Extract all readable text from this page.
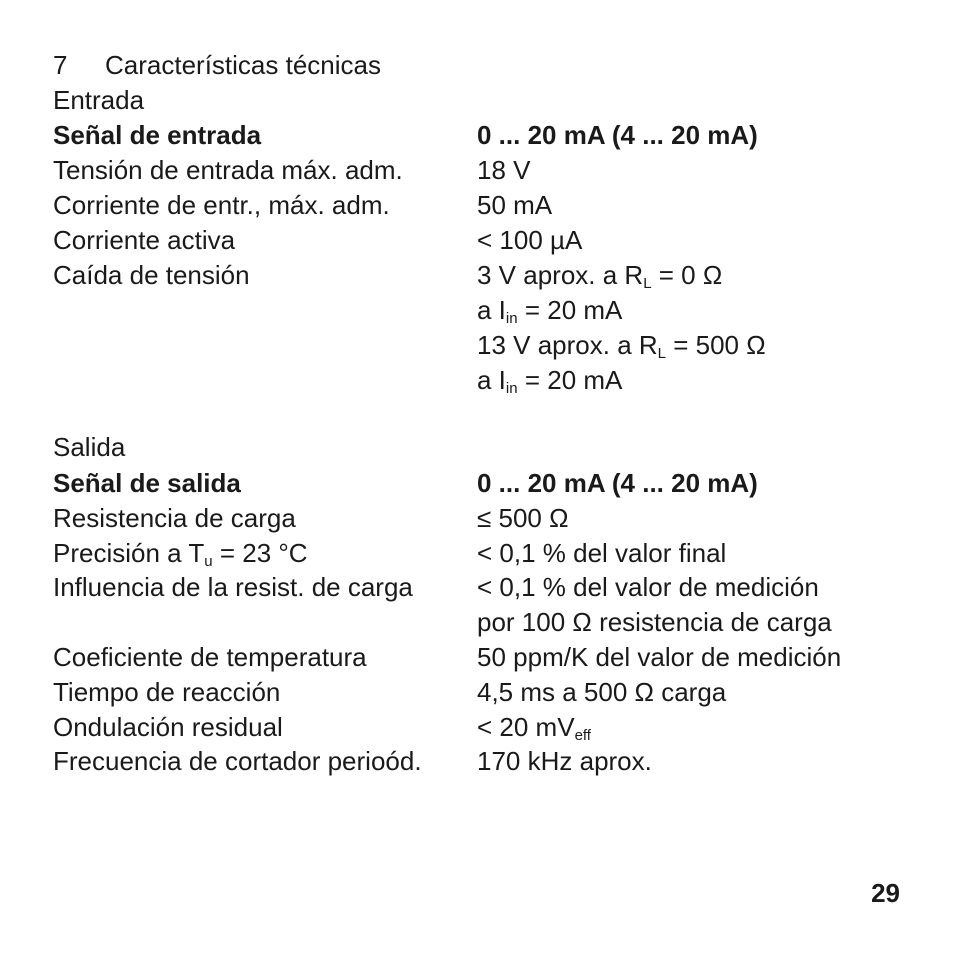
7 Características técnicas
Entrada
Señal de entrada	0 ... 20 mA (4 ... 20 mA)
Tensión de entrada máx. adm.	18 V
Corriente de entr., máx. adm.	50 mA
Corriente activa	< 100 µA
Caída de tensión	3 V aprox. a $R_L = 0$ Ω
a $I_{in} = 20$ mA
13 V aprox. a $R_L = 500$ Ω
a $I_{in} = 20$ mA
Salida
Señal de salida	0 ... 20 mA (4 ... 20 mA)
Resistencia de carga	≤ 500 Ω
Precisión a $T_u = 23$ °C	< 0,1 % del valor final
Influencia de la resist. de carga < 0,1 % del valor de medición
por 100 Ω resistencia de carga
Coeficiente de temperatura	50 ppm/K del valor de medición
Tiempo de reacción	4,5 ms a 500 Ω carga
Ondulación residual	< 20 $mV_{eff}$
Frecuencia de cortador perioód. 170 kHz aprox.
29
